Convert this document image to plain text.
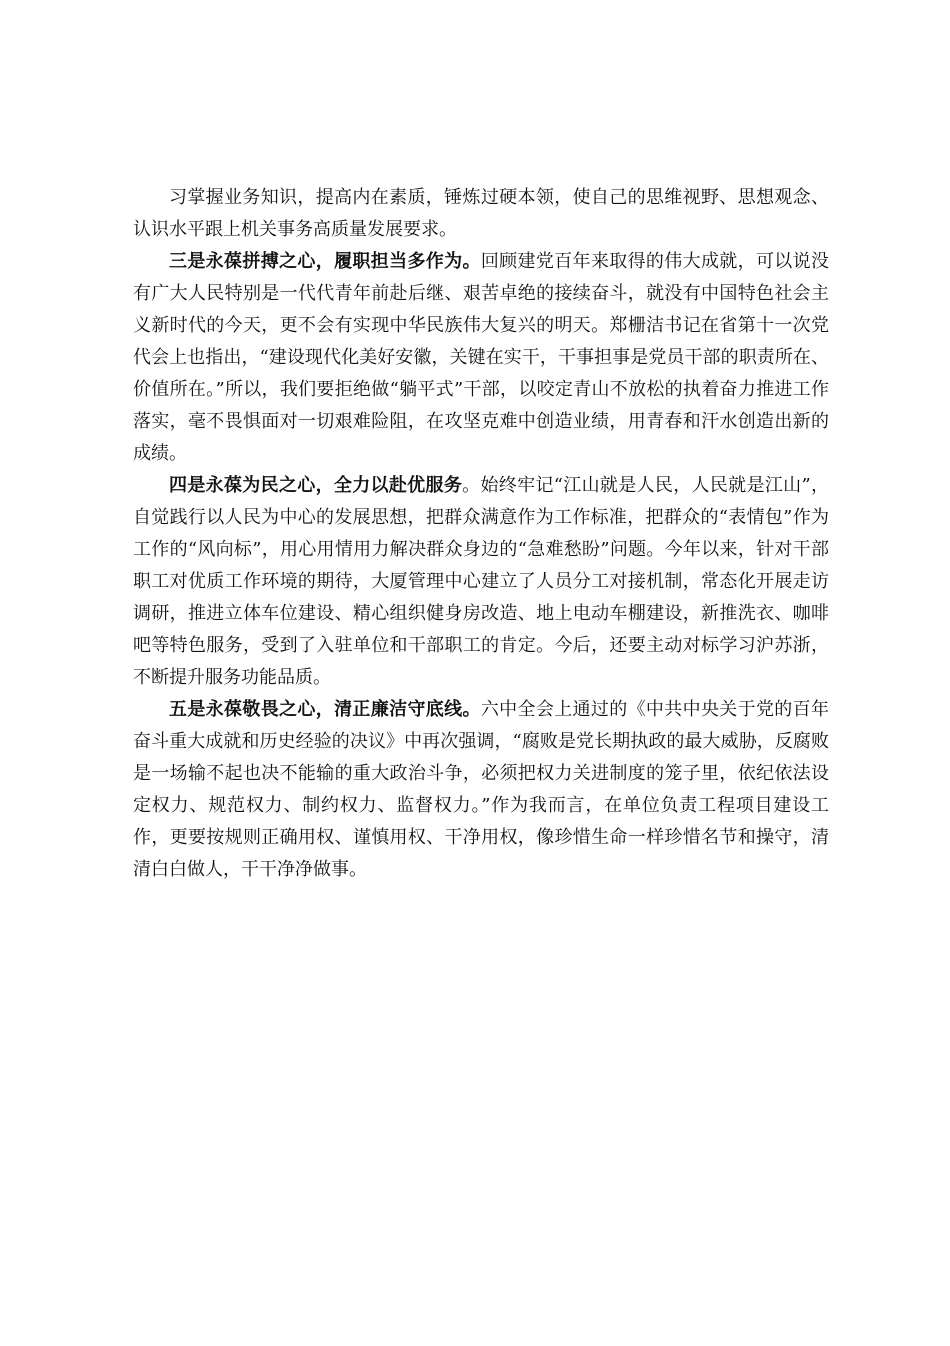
习掌握业务知识，提高内在素质，锤炼过硬本领，使自己的思维视野、思想观念、认识水平跟上机关事务高质量发展要求。

三是永葆拼搏之心，履职担当多作为。回顾建党百年来取得的伟大成就，可以说没有广大人民特别是一代代青年前赴后继、艰苦卓绝的接续奋斗，就没有中国特色社会主义新时代的今天，更不会有实现中华民族伟大复兴的明天。郑栅洁书记在省第十一次党代会上也指出，“建设现代化美好安徽，关键在实干，干事担事是党员干部的职责所在、价值所在。”所以，我们要拒绝做“躺平式”干部，以咬定青山不放松的执着奋力推进工作落实，毫不畏惧面对一切艰难险阻，在攻坚克难中创造业绩，用青春和汗水创造出新的成绩。

四是永葆为民之心，全力以赴优服务。始终牢记“江山就是人民，人民就是江山”，自觉践行以人民为中心的发展思想，把群众满意作为工作标准，把群众的“表情包”作为工作的“风向标”，用心用情用力解决群众身边的“急难愁盼”问题。今年以来，针对干部职工对优质工作环境的期待，大厦管理中心建立了人员分工对接机制，常态化开展走访调研，推进立体车位建设、精心组织健身房改造、地上电动车棚建设，新推洗衣、咖啡吧等特色服务，受到了入驻单位和干部职工的肯定。今后，还要主动对标学习沪苏浙，不断提升服务功能品质。

五是永葆敬畏之心，清正廉洁守底线。六中全会上通过的《中共中央关于党的百年奋斗重大成就和历史经验的决议》中再次强调，“腐败是党长期执政的最大威胁，反腐败是一场输不起也决不能输的重大政治斗争，必须把权力关进制度的笼子里，依纪依法设定权力、规范权力、制约权力、监督权力。”作为我而言，在单位负责工程项目建设工作，更要按规则正确用权、谨慎用权、干净用权，像珍惜生命一样珍惜名节和操守，清清白白做人，干干净净做事。
